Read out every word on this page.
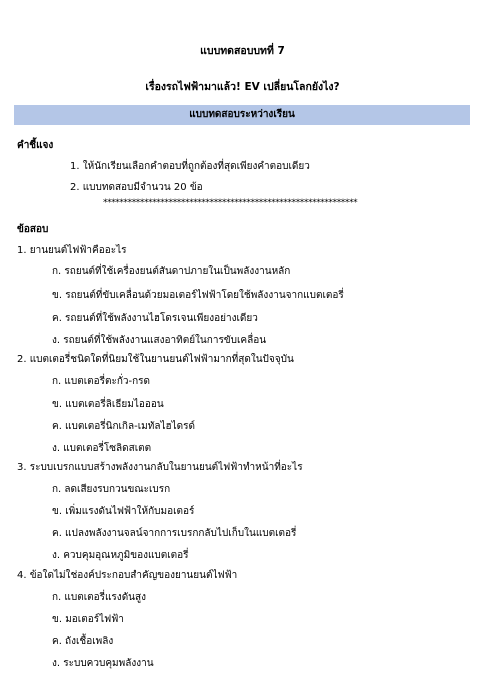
แบบทดสอบบทที่ 7
เรื่องรถไฟฟ้ามาแล้ว! EV เปลี่ยนโลกยังไง?
แบบทดสอบระหว่างเรียน
คำชี้แจง
1. ให้นักเรียนเลือกคำตอบที่ถูกต้องที่สุดเพียงคำตอบเดียว
2. แบบทดสอบมีจำนวน 20 ข้อ
**************************************************************
ข้อสอบ
1. ยานยนต์ไฟฟ้าคืออะไร
ก. รถยนต์ที่ใช้เครื่องยนต์สันดาปภายในเป็นพลังงานหลัก
ข. รถยนต์ที่ขับเคลื่อนด้วยมอเตอร์ไฟฟ้าโดยใช้พลังงานจากแบตเตอรี่
ค. รถยนต์ที่ใช้พลังงานไฮโดรเจนเพียงอย่างเดียว
ง. รถยนต์ที่ใช้พลังงานแสงอาทิตย์ในการขับเคลื่อน
2. แบตเตอรี่ชนิดใดที่นิยมใช้ในยานยนต์ไฟฟ้ามากที่สุดในปัจจุบัน
ก. แบตเตอรี่ตะกั่ว-กรด
ข. แบตเตอรี่ลิเธียมไอออน
ค. แบตเตอรี่นิกเกิล-เมทัลไฮไดรด์
ง. แบตเตอรี่โซลิดสเตต
3. ระบบเบรกแบบสร้างพลังงานกลับในยานยนต์ไฟฟ้าทำหน้าที่อะไร
ก. ลดเสียงรบกวนขณะเบรก
ข. เพิ่มแรงดันไฟฟ้าให้กับมอเตอร์
ค. แปลงพลังงานจลน์จากการเบรกกลับไปเก็บในแบตเตอรี่
ง. ควบคุมอุณหภูมิของแบตเตอรี่
4. ข้อใดไม่ใช่องค์ประกอบสำคัญของยานยนต์ไฟฟ้า
ก. แบตเตอรี่แรงดันสูง
ข. มอเตอร์ไฟฟ้า
ค. ถังเชื้อเพลิง
ง. ระบบควบคุมพลังงาน
